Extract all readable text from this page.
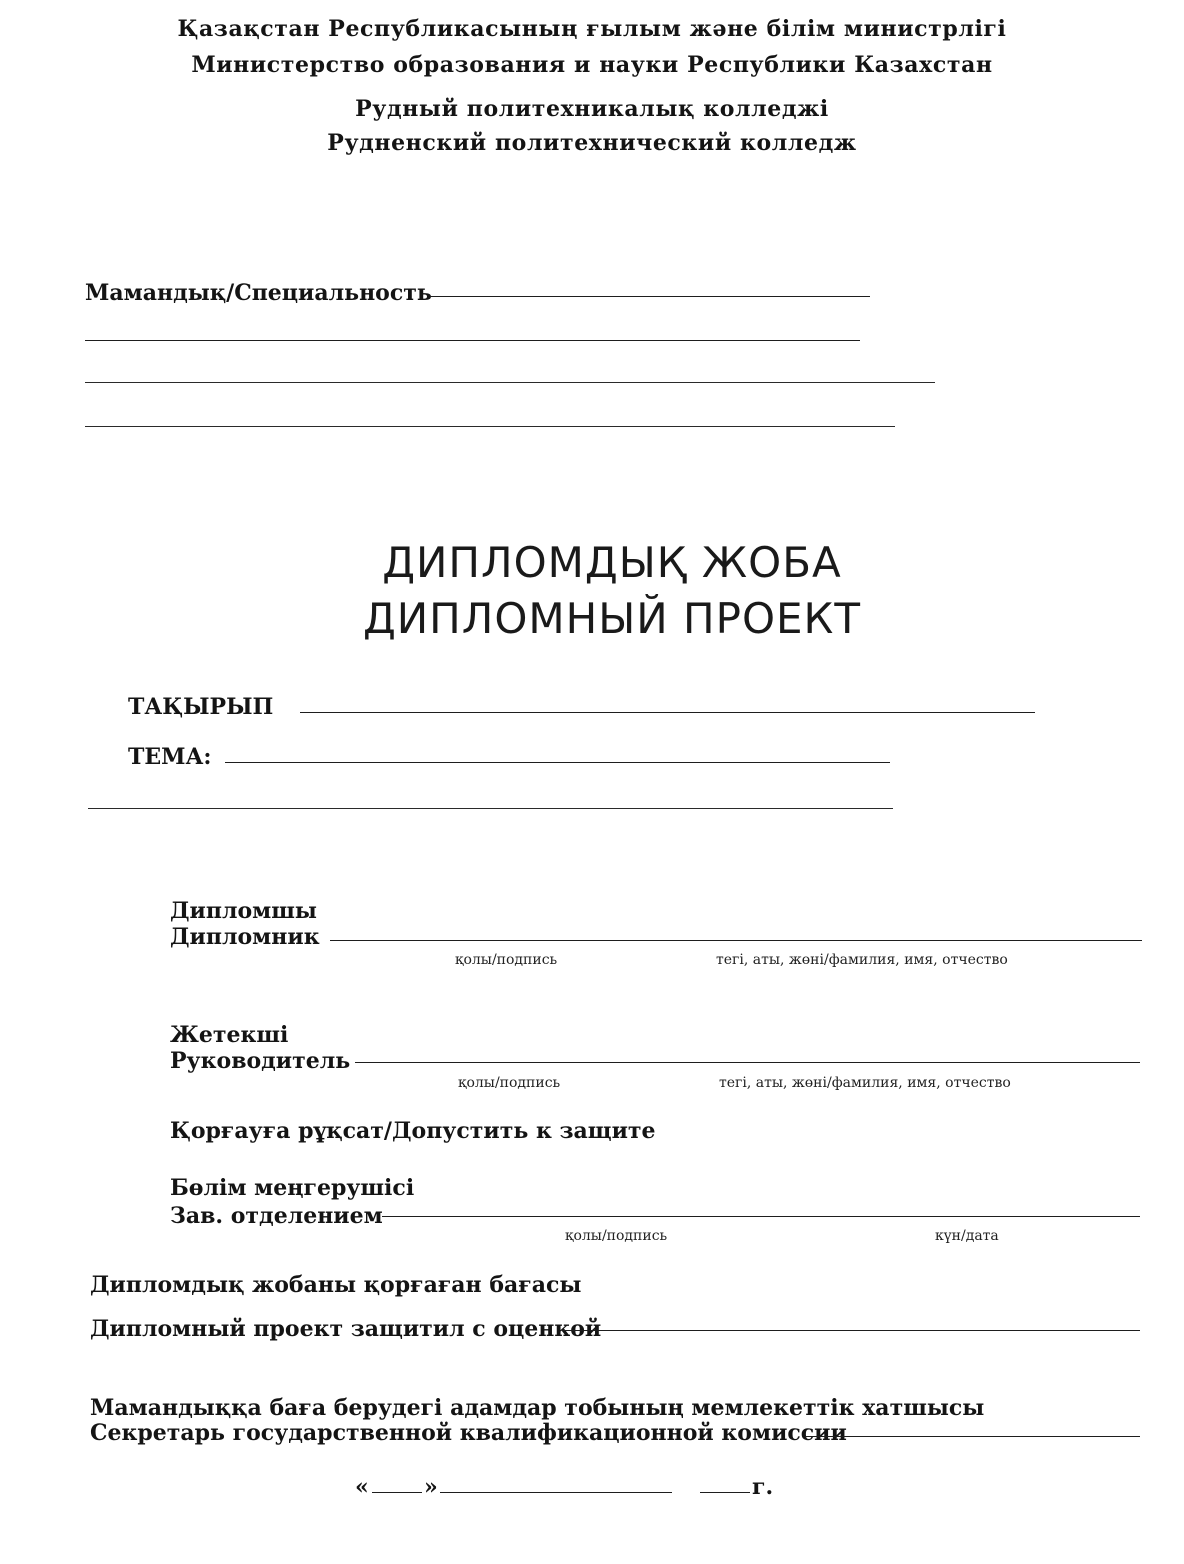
Қазақстан Республикасының ғылым және білім министрлігі
Министерство образования и науки Республики Казахстан
Рудный политехникалық колледжі
Рудненский политехнический колледж
Мамандық/Специальность
ДИПЛОМДЫҚ ЖОБА
ДИПЛОМНЫЙ ПРОЕКТ
ТАҚЫРЫП
ТЕМА:
Дипломшы
Дипломник
қолы/подпись	тегі, аты, жөні/фамилия, имя, отчество
Жетекші
Руководитель
қолы/подпись	тегі, аты, жөні/фамилия, имя, отчество
Қорғауға рұқсат/Допустить к защите
Бөлім меңгерушісі
Зав. отделением
қолы/подпись	күн/дата
Дипломдық жобаны қорғаған бағасы
Дипломный проект защитил с оценкой
Мамандыққа баға берудегі адамдар тобының мемлекеттік хатшысы
Секретарь государственной квалификационной комиссии
«	»	г.
